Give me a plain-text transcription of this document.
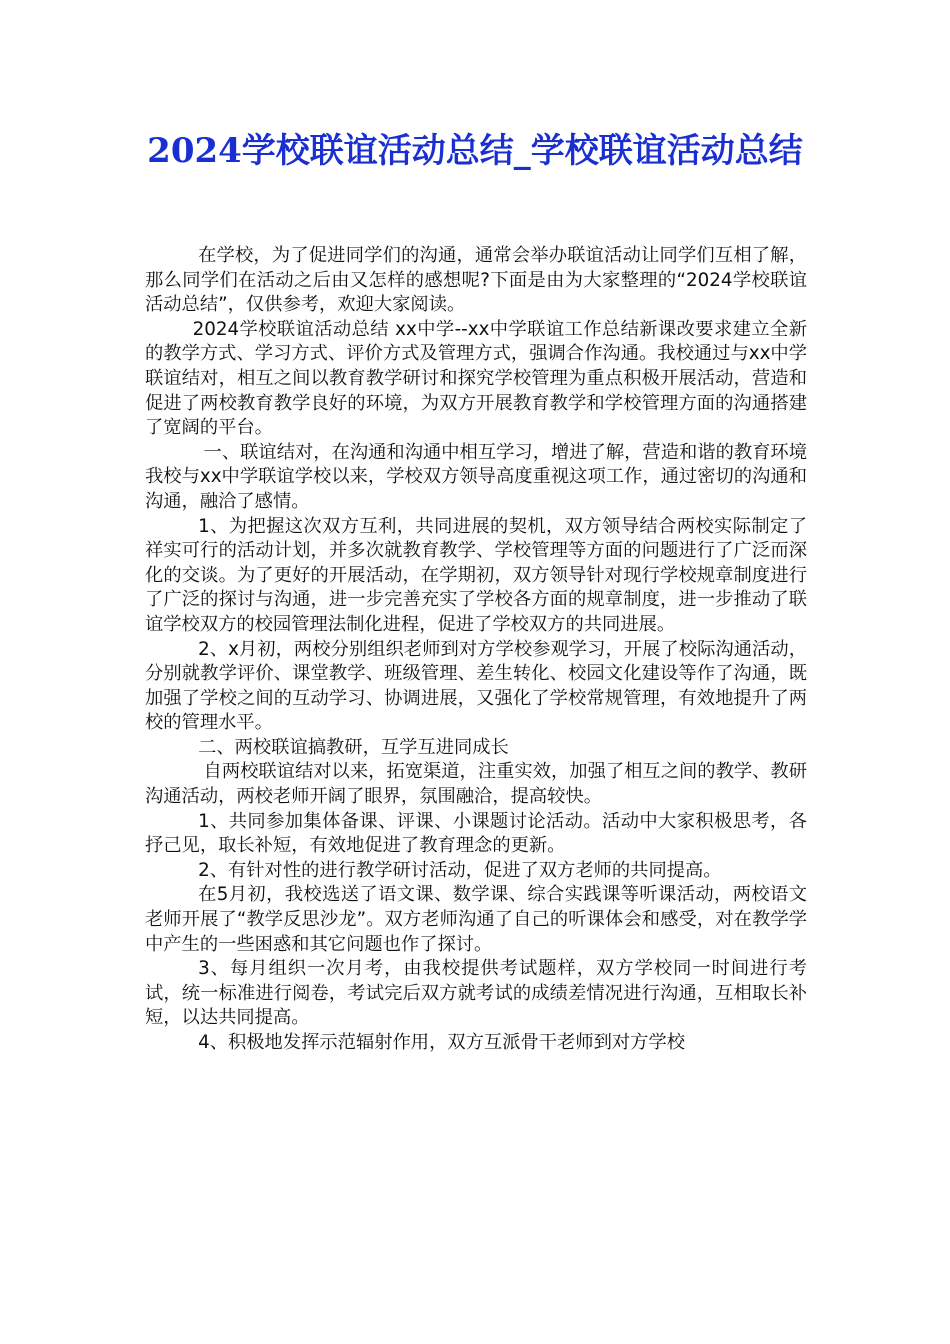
2024学校联谊活动总结_学校联谊活动总结

在学校，为了促进同学们的沟通，通常会举办联谊活动让同学们互相了解，那么同学们在活动之后由又怎样的感想呢?下面是由为大家整理的“2024学校联谊活动总结”，仅供参考，欢迎大家阅读。

2024学校联谊活动总结 xx中学--xx中学联谊工作总结新课改要求建立全新的教学方式、学习方式、评价方式及管理方式，强调合作沟通。我校通过与xx中学联谊结对，相互之间以教育教学研讨和探究学校管理为重点积极开展活动，营造和促进了两校教育教学良好的环境，为双方开展教育教学和学校管理方面的沟通搭建了宽阔的平台。

一、联谊结对，在沟通和沟通中相互学习，增进了解，营造和谐的教育环境我校与xx中学联谊学校以来，学校双方领导高度重视这项工作，通过密切的沟通和沟通，融洽了感情。

1、为把握这次双方互利，共同进展的契机，双方领导结合两校实际制定了祥实可行的活动计划，并多次就教育教学、学校管理等方面的问题进行了广泛而深化的交谈。为了更好的开展活动，在学期初，双方领导针对现行学校规章制度进行了广泛的探讨与沟通，进一步完善充实了学校各方面的规章制度，进一步推动了联谊学校双方的校园管理法制化进程，促进了学校双方的共同进展。

2、x月初，两校分别组织老师到对方学校参观学习，开展了校际沟通活动，分别就教学评价、课堂教学、班级管理、差生转化、校园文化建设等作了沟通，既加强了学校之间的互动学习、协调进展，又强化了学校常规管理，有效地提升了两校的管理水平。

二、两校联谊搞教研，互学互进同成长

自两校联谊结对以来，拓宽渠道，注重实效，加强了相互之间的教学、教研沟通活动，两校老师开阔了眼界，氛围融洽，提高较快。

1、共同参加集体备课、评课、小课题讨论活动。活动中大家积极思考，各抒己见，取长补短，有效地促进了教育理念的更新。

2、有针对性的进行教学研讨活动，促进了双方老师的共同提高。

在5月初，我校选送了语文课、数学课、综合实践课等听课活动，两校语文老师开展了“教学反思沙龙”。双方老师沟通了自己的听课体会和感受，对在教学学中产生的一些困惑和其它问题也作了探讨。

3、每月组织一次月考，由我校提供考试题样，双方学校同一时间进行考试，统一标准进行阅卷，考试完后双方就考试的成绩差情况进行沟通，互相取长补短，以达共同提高。

4、积极地发挥示范辐射作用，双方互派骨干老师到对方学校
